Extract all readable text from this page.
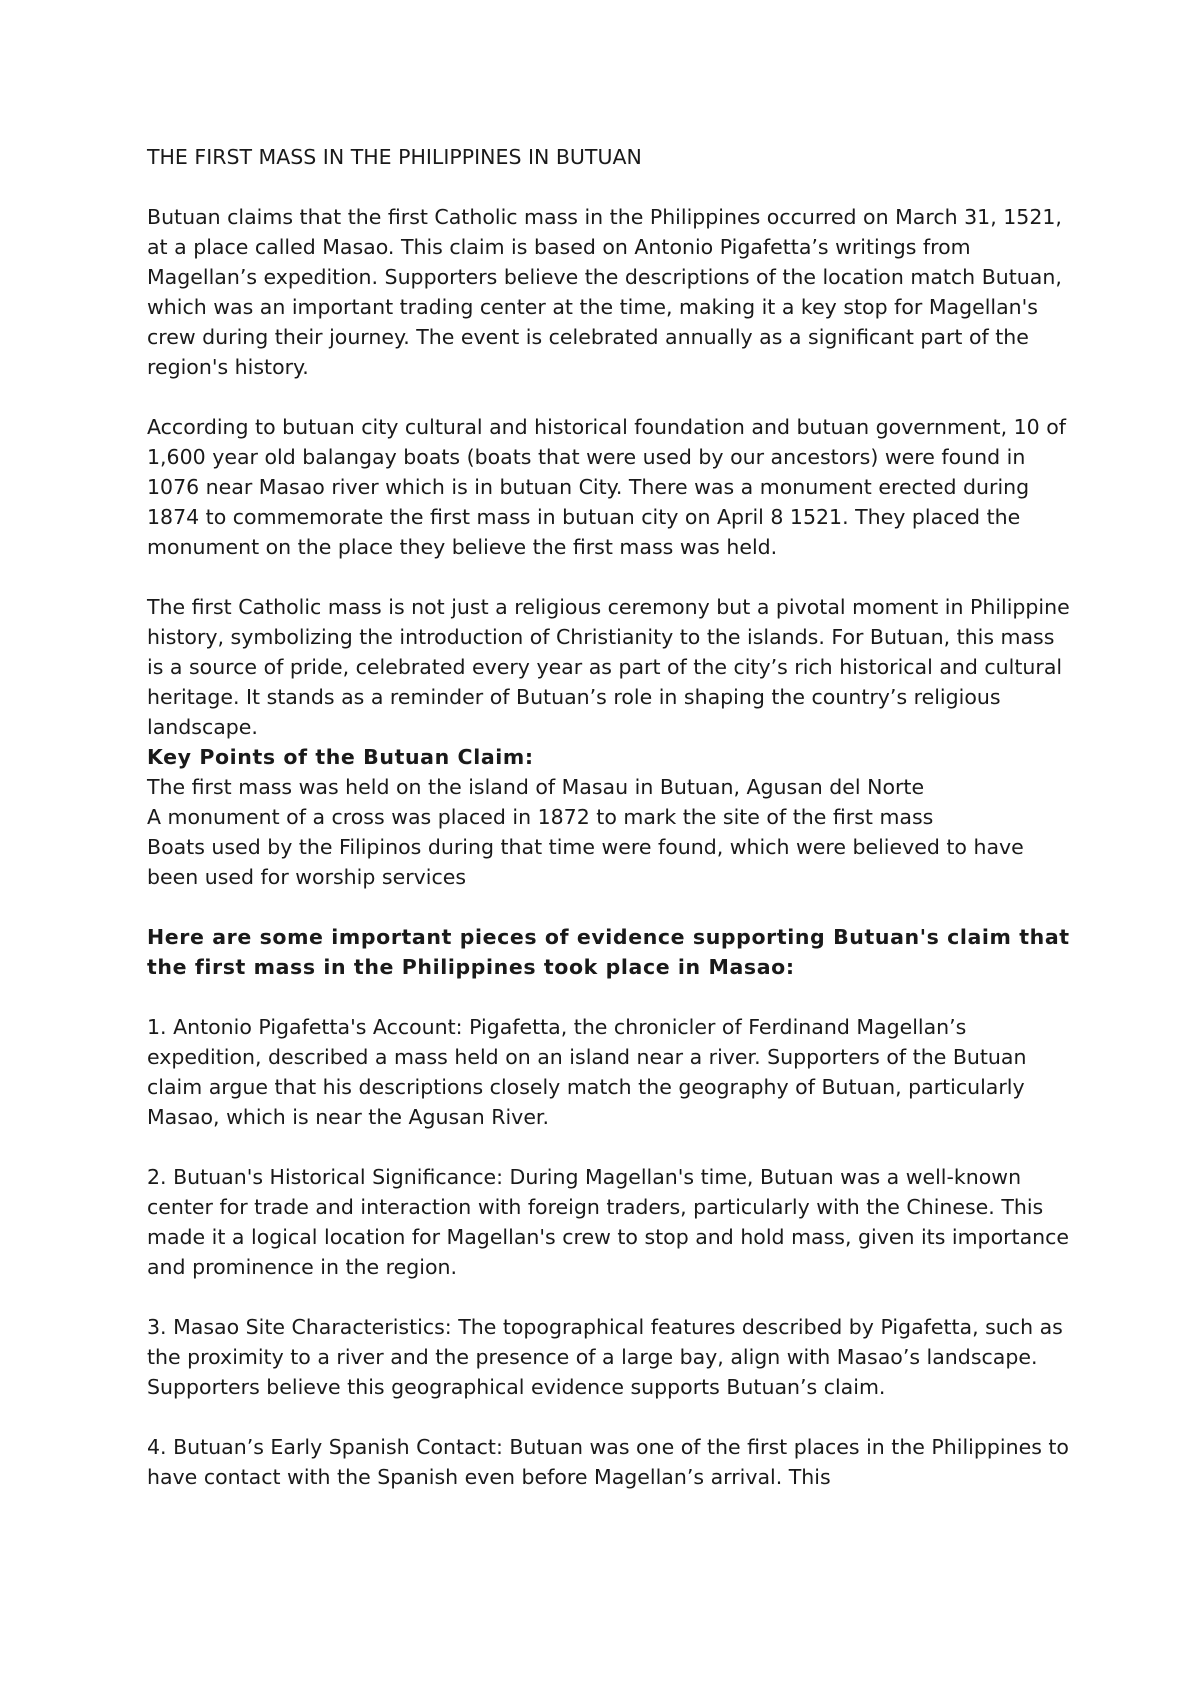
THE FIRST MASS IN THE PHILIPPINES IN BUTUAN

Butuan claims that the first Catholic mass in the Philippines occurred on March 31, 1521, at a place called Masao. This claim is based on Antonio Pigafetta’s writings from Magellan’s expedition. Supporters believe the descriptions of the location match Butuan, which was an important trading center at the time, making it a key stop for Magellan's crew during their journey. The event is celebrated annually as a significant part of the region's history.

According to butuan city cultural and historical foundation and butuan government, 10 of 1,600 year old balangay boats (boats that were used by our ancestors) were found in 1076 near Masao river which is in butuan City. There was a monument erected during 1874 to commemorate the first mass in butuan city on April 8 1521. They placed the monument on the place they believe the first mass was held.

The first Catholic mass is not just a religious ceremony but a pivotal moment in Philippine history, symbolizing the introduction of Christianity to the islands. For Butuan, this mass is a source of pride, celebrated every year as part of the city’s rich historical and cultural heritage. It stands as a reminder of Butuan’s role in shaping the country’s religious landscape.

Key Points of the Butuan Claim:

The first mass was held on the island of Masau in Butuan, Agusan del Norte
A monument of a cross was placed in 1872 to mark the site of the first mass
Boats used by the Filipinos during that time were found, which were believed to have been used for worship services

Here are some important pieces of evidence supporting Butuan's claim that the first mass in the Philippines took place in Masao:

1. Antonio Pigafetta's Account: Pigafetta, the chronicler of Ferdinand Magellan’s expedition, described a mass held on an island near a river. Supporters of the Butuan claim argue that his descriptions closely match the geography of Butuan, particularly Masao, which is near the Agusan River.
2. Butuan's Historical Significance: During Magellan's time, Butuan was a well-known center for trade and interaction with foreign traders, particularly with the Chinese. This made it a logical location for Magellan's crew to stop and hold mass, given its importance and prominence in the region.
3. Masao Site Characteristics: The topographical features described by Pigafetta, such as the proximity to a river and the presence of a large bay, align with Masao’s landscape. Supporters believe this geographical evidence supports Butuan’s claim.
4. Butuan’s Early Spanish Contact: Butuan was one of the first places in the Philippines to have contact with the Spanish even before Magellan’s arrival. This
